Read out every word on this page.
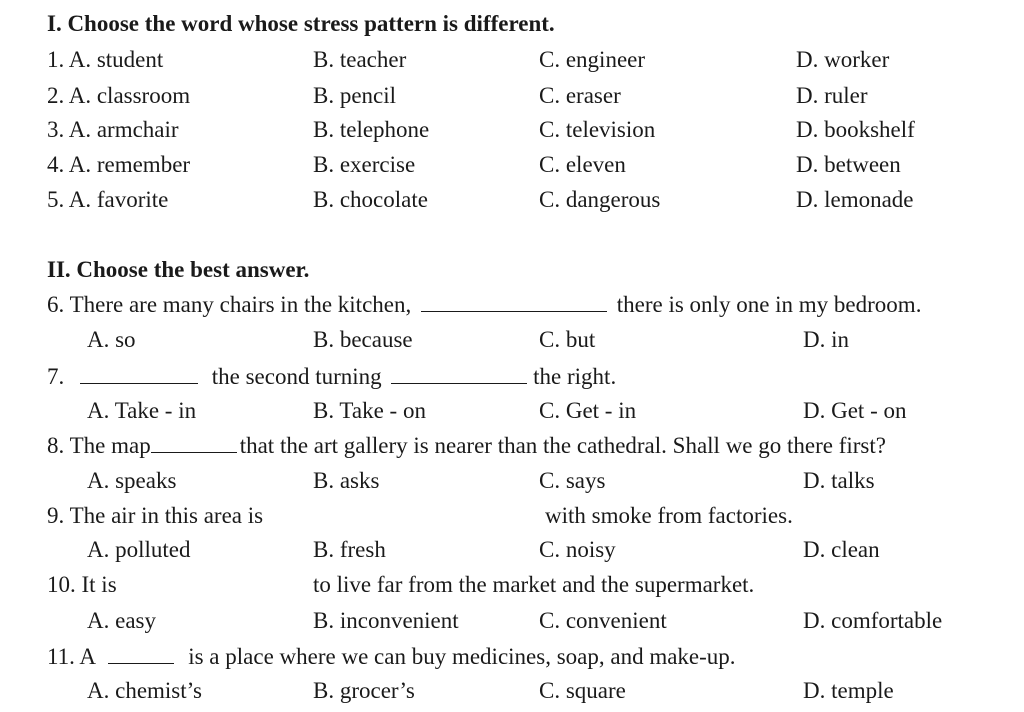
I. Choose the word whose stress pattern is different.
1. A. student	B. teacher	C. engineer	D. worker
2. A. classroom	B. pencil	C. eraser	D. ruler
3. A. armchair	B. telephone	C. television	D. bookshelf
4. A. remember	B. exercise	C. eleven	D. between
5. A. favorite	B. chocolate	C. dangerous	D. lemonade
II. Choose the best answer.
6. There are many chairs in the kitchen,	there is only one in my bedroom.
A. so	B. because	C. but	D. in
7.	the second turning	the right.
A. Take - in	B. Take - on	C. Get - in	D. Get - on
8. The map	that the art gallery is nearer than the cathedral. Shall we go there first?
A. speaks	B. asks	C. says	D. talks
9. The air in this area is	with smoke from factories.
A. polluted	B. fresh	C. noisy	D. clean
10. It is	to live far from the market and the supermarket.
A. easy	B. inconvenient	C. convenient	D. comfortable
11. A	is a place where we can buy medicines, soap, and make-up.
A. chemist’s	B. grocer’s	C. square	D. temple
